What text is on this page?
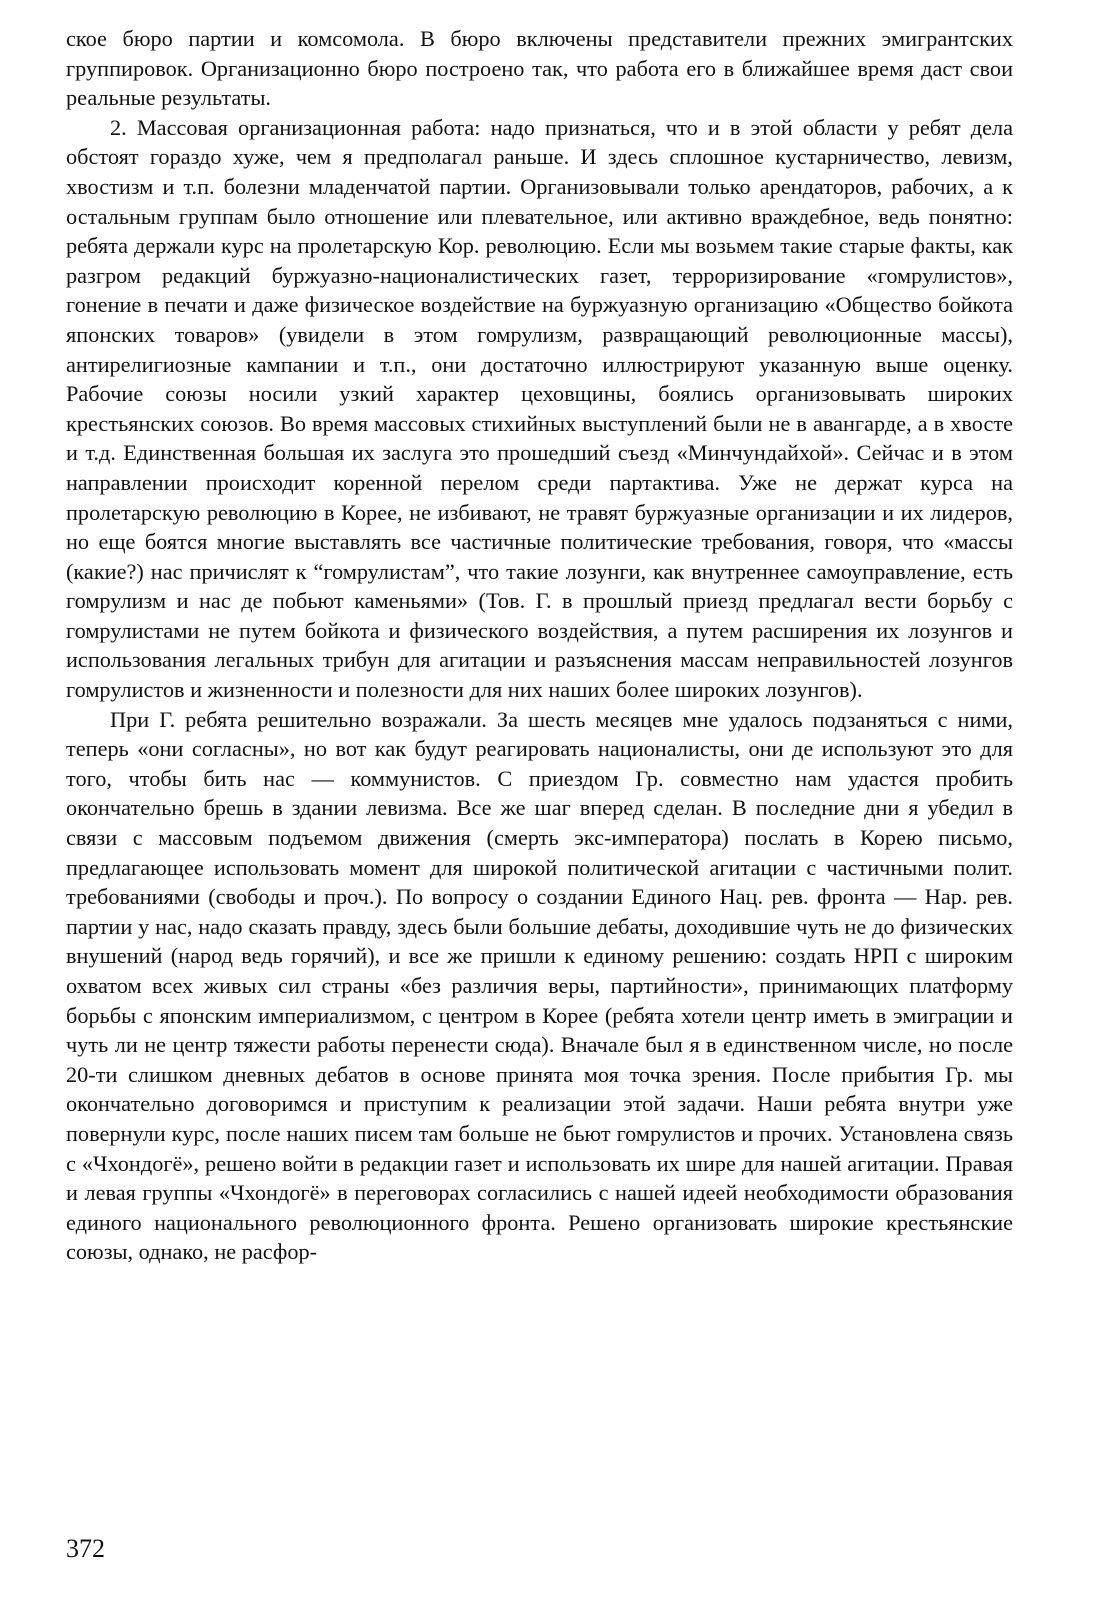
ское бюро партии и комсомола. В бюро включены представители прежних эмигрантских группировок. Организационно бюро построено так, что работа его в ближайшее время даст свои реальные результаты.

2. Массовая организационная работа: надо признаться, что и в этой области у ребят дела обстоят гораздо хуже, чем я предполагал раньше. И здесь сплошное кустарничество, левизм, хвостизм и т.п. болезни младенчатой партии. Организовывали только арендаторов, рабочих, а к остальным группам было отношение или плевательное, или активно враждебное, ведь понятно: ребята держали курс на пролетарскую Кор. революцию. Если мы возьмем такие старые факты, как разгром редакций буржуазно-националистических газет, терроризирование «гомрулистов», гонение в печати и даже физическое воздействие на буржуазную организацию «Общество бойкота японских товаров» (увидели в этом гомрулизм, развращающий революционные массы), антирелигиозные кампании и т.п., они достаточно иллюстрируют указанную выше оценку. Рабочие союзы носили узкий характер цеховщины, боялись организовывать широких крестьянских союзов. Во время массовых стихийных выступлений были не в авангарде, а в хвосте и т.д. Единственная большая их заслуга это прошедший съезд «Минчундайхой». Сейчас и в этом направлении происходит коренной перелом среди партактива. Уже не держат курса на пролетарскую революцию в Корее, не избивают, не травят буржуазные организации и их лидеров, но еще боятся многие выставлять все частичные политические требования, говоря, что «массы (какие?) нас причислят к “гомрулистам”, что такие лозунги, как внутреннее самоуправление, есть гомрулизм и нас де побьют каменьями» (Тов. Г. в прошлый приезд предлагал вести борьбу с гомрулистами не путем бойкота и физического воздействия, а путем расширения их лозунгов и использования легальных трибун для агитации и разъяснения массам неправильностей лозунгов гомрулистов и жизненности и полезности для них наших более широких лозунгов).

При Г. ребята решительно возражали. За шесть месяцев мне удалось подзаняться с ними, теперь «они согласны», но вот как будут реагировать националисты, они де используют это для того, чтобы бить нас — коммунистов. С приездом Гр. совместно нам удастся пробить окончательно брешь в здании левизма. Все же шаг вперед сделан. В последние дни я убедил в связи с массовым подъемом движения (смерть экс-императора) послать в Корею письмо, предлагающее использовать момент для широкой политической агитации с частичными полит. требованиями (свободы и проч.). По вопросу о создании Единого Нац. рев. фронта — Нар. рев. партии у нас, надо сказать правду, здесь были большие дебаты, доходившие чуть не до физических внушений (народ ведь горячий), и все же пришли к единому решению: создать НРП с широким охватом всех живых сил страны «без различия веры, партийности», принимающих платформу борьбы с японским империализмом, с центром в Корее (ребята хотели центр иметь в эмиграции и чуть ли не центр тяжести работы перенести сюда). Вначале был я в единственном числе, но после 20-ти слишком дневных дебатов в основе принята моя точка зрения. После прибытия Гр. мы окончательно договоримся и приступим к реализации этой задачи. Наши ребята внутри уже повернули курс, после наших писем там больше не бьют гомрулистов и прочих. Установлена связь с «Чхондогё», решено войти в редакции газет и использовать их шире для нашей агитации. Правая и левая группы «Чхондогё» в переговорах согласились с нашей идеей необходимости образования единого национального революционного фронта. Решено организовать широкие крестьянские союзы, однако, не расфор-

372
